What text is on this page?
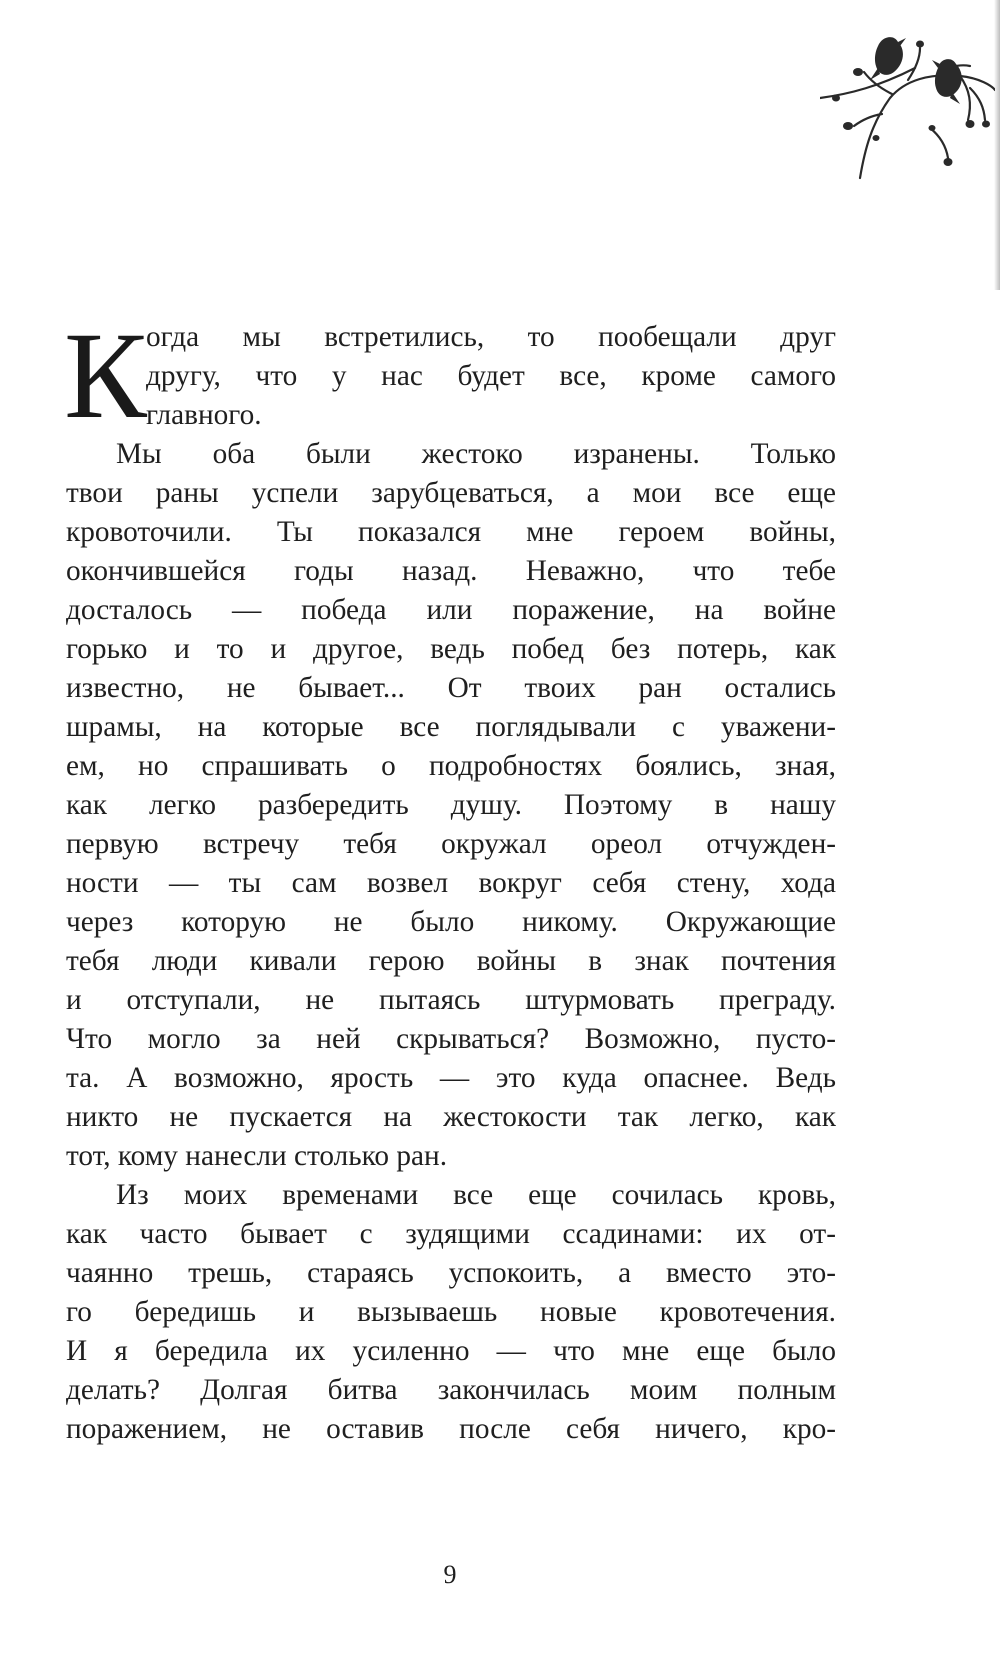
К огда мы встретились, то пообещали друг
другу, что у нас будет все, кроме самого
главного.
Мы оба были жестоко изранены. Только
твои раны успели зарубцеваться, а мои все еще
кровоточили. Ты показался мне героем войны,
окончившейся годы назад. Неважно, что тебе
досталось — победа или поражение, на войне
горько и то и другое, ведь побед без потерь, как
известно, не бывает... От твоих ран остались
шрамы, на которые все поглядывали с уважени-
ем, но спрашивать о подробностях боялись, зная,
как легко разбередить душу. Поэтому в нашу
первую встречу тебя окружал ореол отчужден-
ности — ты сам возвел вокруг себя стену, хода
через которую не было никому. Окружающие
тебя люди кивали герою войны в знак почтения
и отступали, не пытаясь штурмовать преграду.
Что могло за ней скрываться? Возможно, пусто-
та. А возможно, ярость — это куда опаснее. Ведь
никто не пускается на жестокости так легко, как
тот, кому нанесли столько ран.
Из моих временами все еще сочилась кровь,
как часто бывает с зудящими ссадинами: их от-
чаянно трешь, стараясь успокоить, а вместо это-
го бередишь и вызываешь новые кровотечения.
И я бередила их усиленно — что мне еще было
делать? Долгая битва закончилась моим полным
поражением, не оставив после себя ничего, кро-
9
